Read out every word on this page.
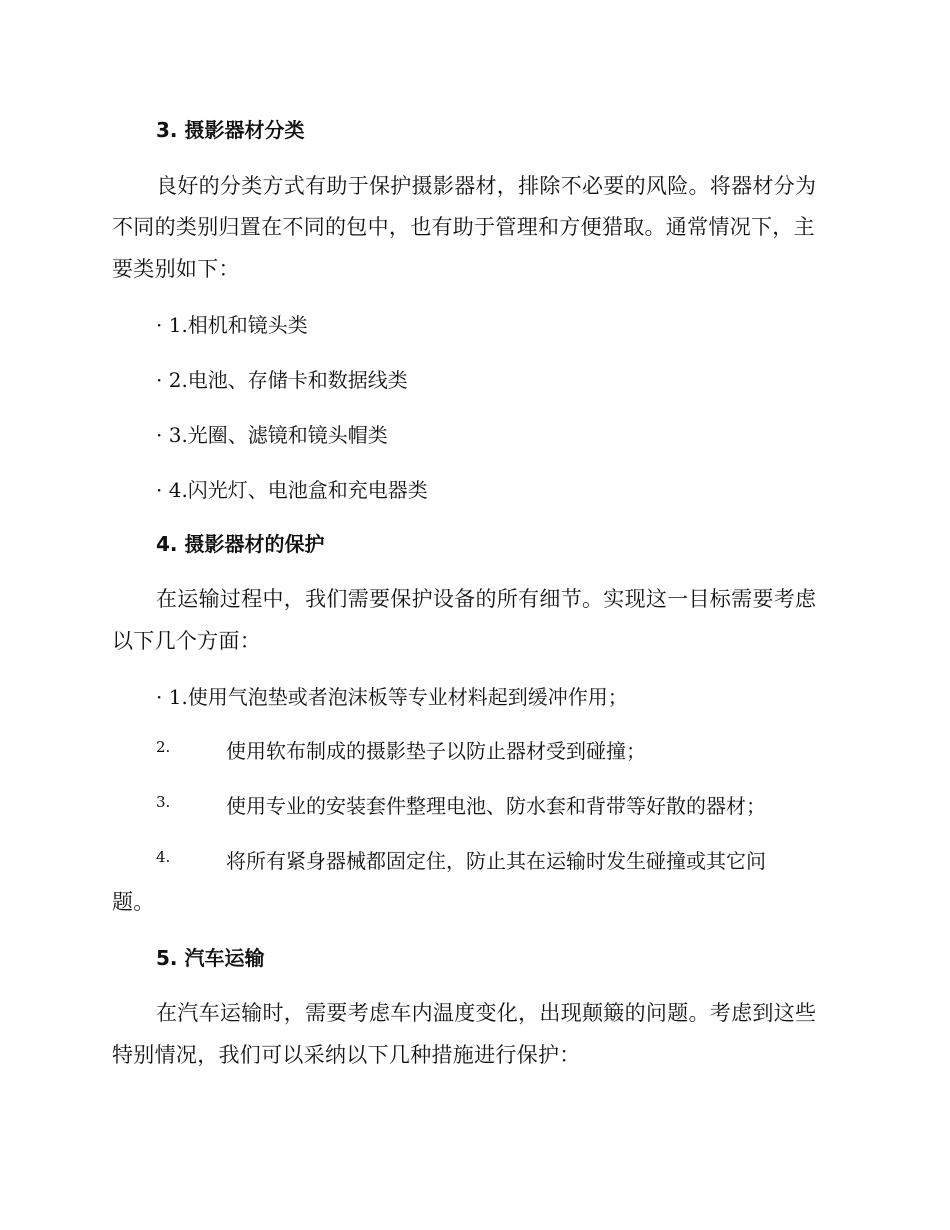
3. 摄影器材分类
良好的分类方式有助于保护摄影器材，排除不必要的风险。将器材分为
不同的类别归置在不同的包中，也有助于管理和方便猎取。通常情况下，主
要类别如下：
· 1.相机和镜头类
· 2.电池、存储卡和数据线类
· 3.光圈、滤镜和镜头帽类
· 4.闪光灯、电池盒和充电器类
4. 摄影器材的保护
在运输过程中，我们需要保护设备的所有细节。实现这一目标需要考虑
以下几个方面：
· 1.使用气泡垫或者泡沫板等专业材料起到缓冲作用；
2.	使用软布制成的摄影垫子以防止器材受到碰撞；
3.	使用专业的安装套件整理电池、防水套和背带等好散的器材；
4.	将所有紧身器械都固定住，防止其在运输时发生碰撞或其它问
题。
5. 汽车运输
在汽车运输时，需要考虑车内温度变化，出现颠簸的问题。考虑到这些
特别情况，我们可以采纳以下几种措施进行保护：
